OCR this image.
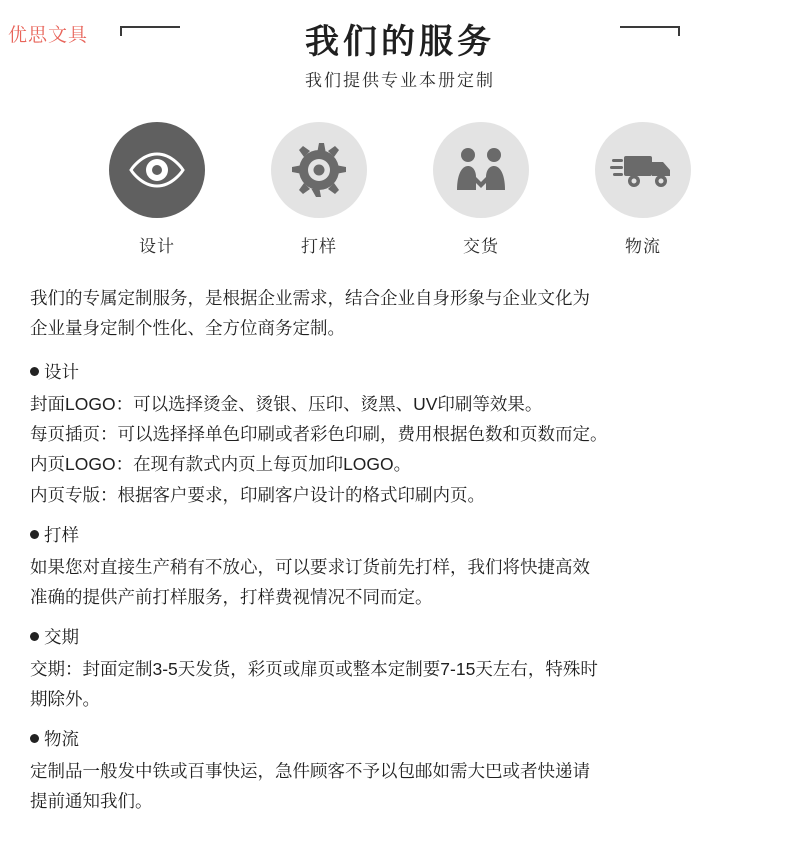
优思文具	我们的服务
我们提供专业本册定制
设计	打样	交货	物流
我们的专属定制服务，是根据企业需求，结合企业自身形象与企业文化为
企业量身定制个性化、全方位商务定制。
设计
封面LOGO：可以选择烫金、烫银、压印、烫黑、UV印刷等效果。
每页插页：可以选择择单色印刷或者彩色印刷，费用根据色数和页数而定。
内页LOGO：在现有款式内页上每页加印LOGO。
内页专版：根据客户要求，印刷客户设计的格式印刷内页。
打样
如果您对直接生产稍有不放心，可以要求订货前先打样，我们将快捷高效
准确的提供产前打样服务，打样费视情况不同而定。
交期
交期：封面定制3-5天发货，彩页或扉页或整本定制要7-15天左右，特殊时
期除外。
物流
定制品一般发中铁或百事快运，急件顾客不予以包邮如需大巴或者快递请
提前通知我们。
